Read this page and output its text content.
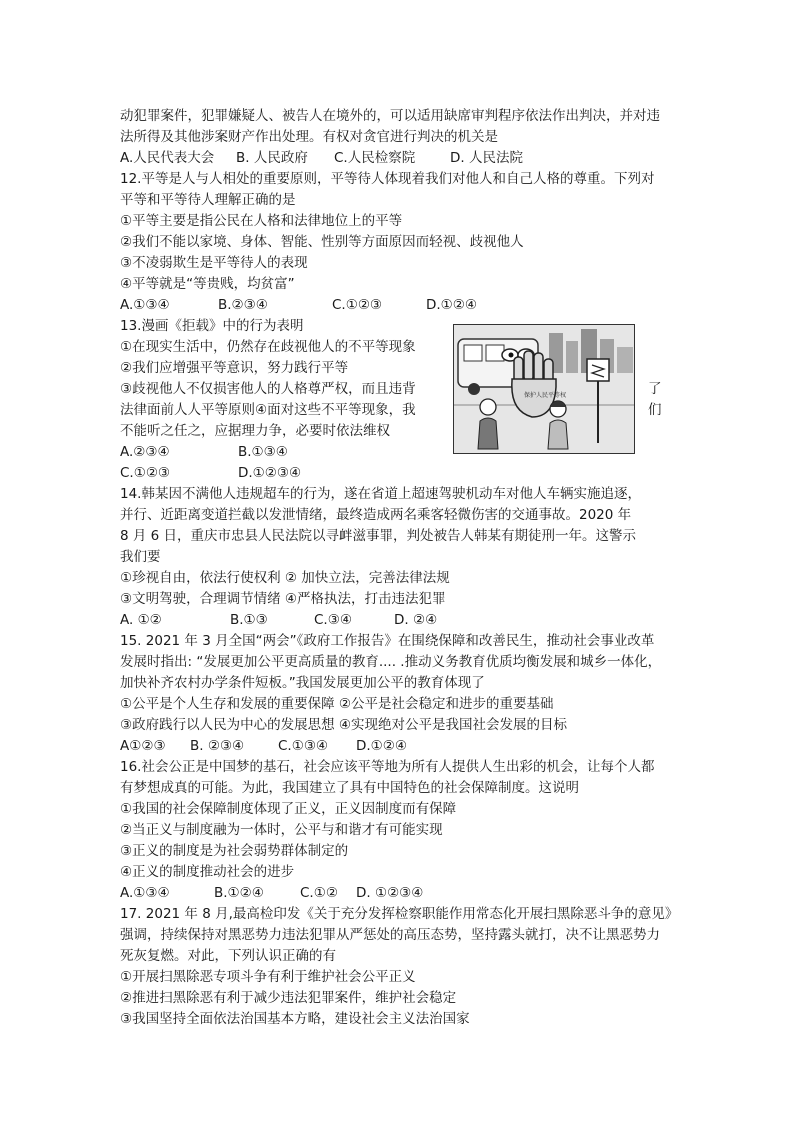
动犯罪案件，犯罪嫌疑人、被告人在境外的，可以适用缺席审判程序依法作出判决，并对违
法所得及其他涉案财产作出处理。有权对贪官进行判决的机关是
A.人民代表大会 B. 人民政府 C.人民检察院	D. 人民法院
12.平等是人与人相处的重要原则，平等待人体现着我们对他人和自己人格的尊重。下列对
平等和平等待人理解正确的是
①平等主要是指公民在人格和法律地位上的平等
②我们不能以家境、身体、智能、性别等方面原因而轻视、歧视他人
③不凌弱欺生是平等待人的表现
④平等就是“等贵贱，均贫富”
A.①③④	B.②③④	C.①②③	D.①②④
13.漫画《拒载》中的行为表明
①在现实生活中，仍然存在歧视他人的不平等现象
②我们应增强平等意识，努力践行平等
③歧视他人不仅损害他人的人格尊严权，而且违背	了
法律面前人人平等原则④面对这些不平等现象，我	们
不能听之任之，应据理力争，必要时依法维权
A.②③④	B.①③④
C.①②③	D.①②③④
保护人民平等权
14.韩某因不满他人违规超车的行为，遂在省道上超速驾驶机动车对他人车辆实施追逐，
并行、近距离变道拦截以发泄情绪，最终造成两名乘客轻微伤害的交通事故。2020 年
8 月 6 日，重庆市忠县人民法院以寻衅滋事罪，判处被告人韩某有期徒刑一年。这警示
我们要
①珍视自由，依法行使权利 ② 加快立法，完善法律法规
③文明驾驶，合理调节情绪 ④严格执法，打击违法犯罪
A. ①②	B.①③	C.③④	D. ②④
15. 2021 年 3 月全国“两会”《政府工作报告》在围绕保障和改善民生，推动社会事业改革
发展时指出: “发展更加公平更高质量的教育.... .推动义务教育优质均衡发展和城乡一体化，
加快补齐农村办学条件短板。”我国发展更加公平的教育体现了
①公平是个人生存和发展的重要保障 ②公平是社会稳定和进步的重要基础
③政府践行以人民为中心的发展思想 ④实现绝对公平是我国社会发展的目标
A①②③ B. ②③④	C.①③④ D.①②④
16.社会公正是中国梦的基石，社会应该平等地为所有人提供人生出彩的机会，让每个人都
有梦想成真的可能。为此，我国建立了具有中国特色的社会保障制度。这说明
①我国的社会保障制度体现了正义，正义因制度而有保障
②当正义与制度融为一体时，公平与和谐才有可能实现
③正义的制度是为社会弱势群体制定的
④正义的制度推动社会的进步
A.①③④	B.①②④	C.①② D. ①②③④
17. 2021 年 8 月,最高检印发《关于充分发挥检察职能作用常态化开展扫黑除恶斗争的意见》
强调，持续保持对黑恶势力违法犯罪从严惩处的高压态势，坚持露头就打，决不让黑恶势力
死灰复燃。对此，下列认识正确的有
①开展扫黑除恶专项斗争有利于维护社会公平正义
②推进扫黑除恶有利于减少违法犯罪案件，维护社会稳定
③我国坚持全面依法治国基本方略，建设社会主义法治国家
